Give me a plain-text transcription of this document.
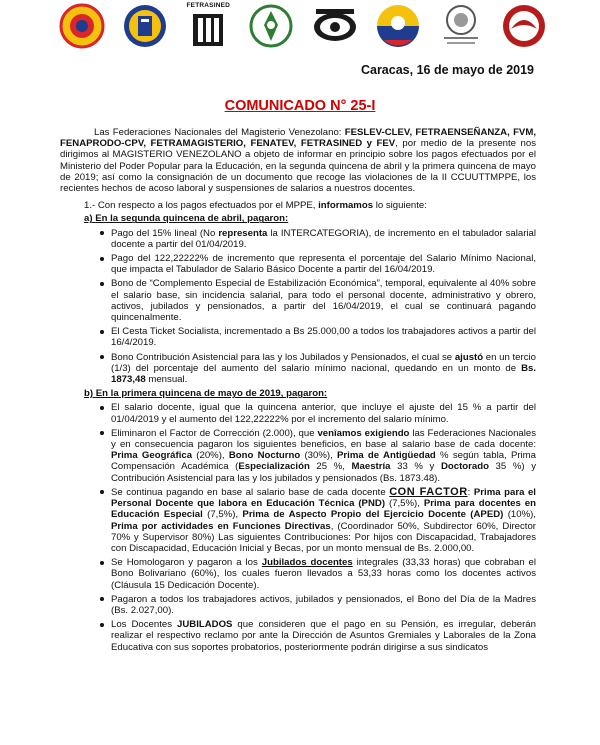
FETRASINED
Caracas, 16 de mayo de 2019
COMUNICADO N° 25-I

Las Federaciones Nacionales del Magisterio Venezolano: FESLEV-CLEV, FETRAENSEÑANZA, FVM, FENAPRODO-CPV, FETRAMAGISTERIO, FENATEV, FETRASINED y FEV, por medio de la presente nos dirigimos al MAGISTERIO VENEZOLANO a objeto de informar en principio sobre los pagos efectuados por el Ministerio del Poder Popular para la Educación, en la segunda quincena de abril y la primera quincena de mayo de 2019; así como la consignación de un documento que recoge las violaciones de la II CCUUTTMPPE, los recientes hechos de acoso laboral y suspensiones de salarios a nuestros docentes.

1.- Con respecto a los pagos efectuados por el MPPE, informamos lo siguiente:

a) En la segunda quincena de abril, pagaron:

Pago del 15% lineal (No representa la INTERCATEGORIA), de incremento en el tabulador salarial docente a partir del 01/04/2019.
Pago del 122,22222% de incremento que representa el porcentaje del Salario Mínimo Nacional, que impacta el Tabulador de Salario Básico Docente a partir del 16/04/2019.
Bono de “Complemento Especial de Estabilización Económica”, temporal, equivalente al 40% sobre el salario base, sin incidencia salarial, para todo el personal docente, administrativo y obrero, activos, jubilados y pensionados, a partir del 16/04/2019, el cual se continuará pagando quincenalmente.
El Cesta Ticket Socialista, incrementado a Bs 25.000,00 a todos los trabajadores activos a partir del 16/4/2019.
Bono Contribución Asistencial para las y los Jubilados y Pensionados, el cual se ajustó en un tercio (1/3) del porcentaje del aumento del salario mínimo nacional, quedando en un monto de Bs. 1873,48 mensual.

b) En la primera quincena de mayo de 2019, pagaron:

El salario docente, igual que la quincena anterior, que incluye el ajuste del 15 % a partir del 01/04/2019 y el aumento del 122,22222% por el incremento del salario mínimo.
Eliminaron el Factor de Corrección (2.000), que venîamos exigiendo las Federaciones Nacionales y en consecuencia pagaron los siguientes beneficios, en base al salario base de cada docente: Prima Geográfica (20%), Bono Nocturno (30%), Prima de Antigüedad % según tabla, Prima Compensación Académica (Especialización 25 %, Maestría 33 % y Doctorado 35 %) y Contribución Asistencial para las y los jubilados y pensionados (Bs. 1873.48).
Se continua pagando en base al salario base de cada docente CON FACTOR: Prima para el Personal Docente que labora en Educación Técnica (PND) (7,5%), Prima para docentes en Educación Especial (7,5%), Prima de Aspecto Propio del Ejercicio Docente (APED) (10%), Prima por actividades en Funciones Directivas, (Coordinador 50%, Subdirector 60%, Director 70% y Supervisor 80%) Las siguientes Contribuciones: Por hijos con Discapacidad, Trabajadores con Discapacidad, Educación Inicial y Becas, por un monto mensual de Bs. 2.000,00.
Se Homologaron y pagaron a los Jubilados docentes integrales (33,33 horas) que cobraban el Bono Bolivariano (60%), los cuales fueron llevados a 53,33 horas como los docentes activos (Cláusula 15 Dedicación Docente).
Pagaron a todos los trabajadores activos, jubilados y pensionados, el Bono del Día de la Madres (Bs. 2.027,00).
Los Docentes JUBILADOS que consideren que el pago en su Pensión, es irregular, deberán realizar el respectivo reclamo por ante la Dirección de Asuntos Gremiales y Laborales de la Zona Educativa con sus soportes probatorios, posteriormente podrán dirigirse a sus sindicatos
